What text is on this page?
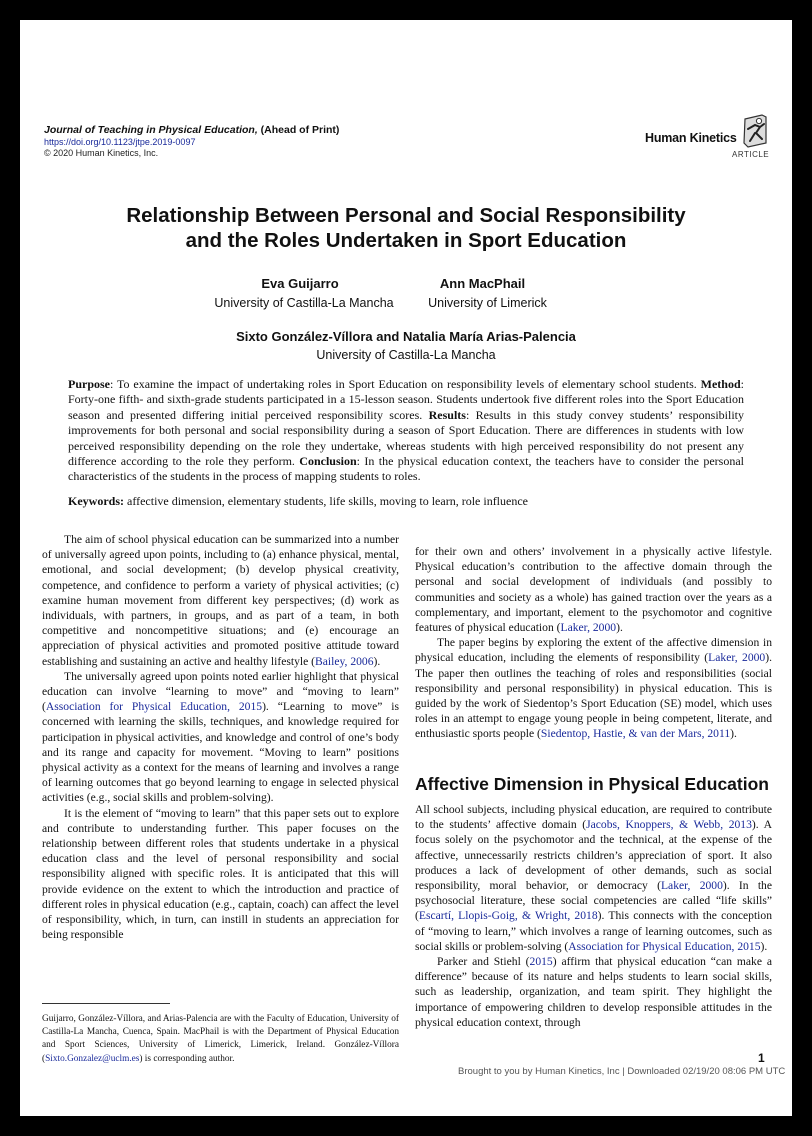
Journal of Teaching in Physical Education, (Ahead of Print)
https://doi.org/10.1123/jtpe.2019-0097
© 2020 Human Kinetics, Inc.
Human Kinetics
ARTICLE
Relationship Between Personal and Social Responsibility
and the Roles Undertaken in Sport Education
Eva Guijarro
University of Castilla-La Mancha
Ann MacPhail
University of Limerick
Sixto González-Víllora and Natalia María Arias-Palencia
University of Castilla-La Mancha
Purpose: To examine the impact of undertaking roles in Sport Education on responsibility levels of elementary school students. Method: Forty-one fifth- and sixth-grade students participated in a 15-lesson season. Students undertook five different roles into the Sport Education season and presented differing initial perceived responsibility scores. Results: Results in this study convey students’ responsibility improvements for both personal and social responsibility during a season of Sport Education. There are differences in students with low perceived responsibility depending on the role they undertake, whereas students with high perceived responsibility do not present any difference according to the role they perform. Conclusion: In the physical education context, the teachers have to consider the personal characteristics of the students in the process of mapping students to roles.
Keywords: affective dimension, elementary students, life skills, moving to learn, role influence

The aim of school physical education can be summarized into a number of universally agreed upon points, including to (a) enhance physical, mental, emotional, and social development; (b) develop physical creativity, competence, and confidence to perform a variety of physical activities; (c) examine human movement from different key perspectives; (d) work as individuals, with partners, in groups, and as part of a team, in both competitive and noncompetitive situations; and (e) encourage an appreciation of physical activities and promoted positive attitude toward establishing and sustaining an active and healthy lifestyle (Bailey, 2006).

The universally agreed upon points noted earlier highlight that physical education can involve “learning to move” and “moving to learn” (Association for Physical Education, 2015). “Learning to move” is concerned with learning the skills, techniques, and knowledge required for participation in physical activities, and knowledge and control of one’s body and its range and capacity for movement. “Moving to learn” positions physical activity as a context for the means of learning and involves a range of learning outcomes that go beyond learning to engage in selected physical activities (e.g., social skills and problem-solving).

It is the element of “moving to learn” that this paper sets out to explore and contribute to understanding further. This paper focuses on the relationship between different roles that students undertake in a physical education class and the level of personal responsibility and social responsibility aligned with specific roles. It is anticipated that this will provide evidence on the extent to which the introduction and practice of different roles in physical education (e.g., captain, coach) can affect the level of responsibility, which, in turn, can instill in students an appreciation for being responsible

for their own and others’ involvement in a physically active lifestyle. Physical education’s contribution to the affective domain through the personal and social development of individuals (and possibly to communities and society as a whole) has gained traction over the years as a complementary, and important, element to the psychomotor and cognitive features of physical education (Laker, 2000).

The paper begins by exploring the extent of the affective dimension in physical education, including the elements of responsibility (Laker, 2000). The paper then outlines the teaching of roles and responsibilities (social responsibility and personal responsibility) in physical education. This is guided by the work of Siedentop’s Sport Education (SE) model, which uses roles in an attempt to engage young people in being competent, literate, and enthusiastic sports people (Siedentop, Hastie, & van der Mars, 2011).

Affective Dimension in Physical Education

All school subjects, including physical education, are required to contribute to the students’ affective domain (Jacobs, Knoppers, & Webb, 2013). A focus solely on the psychomotor and the technical, at the expense of the affective, unnecessarily restricts children’s appreciation of sport. It also produces a lack of development of other demands, such as social responsibility, moral behavior, or democracy (Laker, 2000). In the psychosocial literature, these social competencies are called “life skills” (Escartí, Llopis-Goig, & Wright, 2018). This connects with the conception of “moving to learn,” which involves a range of learning outcomes, such as social skills or problem-solving (Association for Physical Education, 2015).

Parker and Stiehl (2015) affirm that physical education “can make a difference” because of its nature and helps students to learn social skills, such as leadership, organization, and team spirit. They highlight the importance of empowering children to develop responsible attitudes in the physical education context, through

Guijarro, González-Víllora, and Arias-Palencia are with the Faculty of Education, University of Castilla-La Mancha, Cuenca, Spain. MacPhail is with the Department of Physical Education and Sport Sciences, University of Limerick, Limerick, Ireland. González-Víllora (Sixto.Gonzalez@uclm.es) is corresponding author.	1
Brought to you by Human Kinetics, Inc | Downloaded 02/19/20 08:06 PM UTC
